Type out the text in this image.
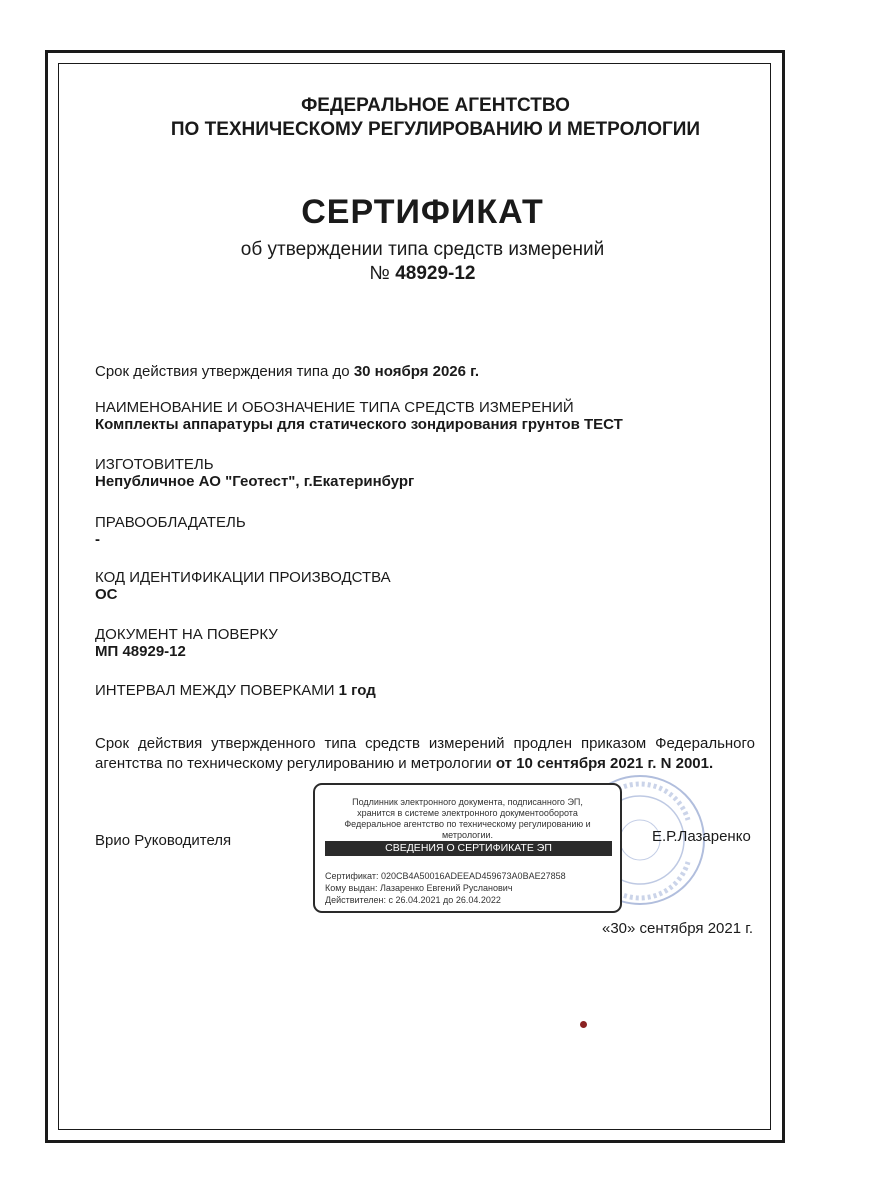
ФЕДЕРАЛЬНОЕ АГЕНТСТВО
ПО ТЕХНИЧЕСКОМУ РЕГУЛИРОВАНИЮ И МЕТРОЛОГИИ
СЕРТИФИКАТ
об утверждении типа средств измерений
№ 48929-12
Срок действия утверждения типа до 30 ноября 2026 г.
НАИМЕНОВАНИЕ И ОБОЗНАЧЕНИЕ ТИПА СРЕДСТВ ИЗМЕРЕНИЙ
Комплекты аппаратуры для статического зондирования грунтов ТЕСТ
ИЗГОТОВИТЕЛЬ
Непубличное АО "Геотест", г.Екатеринбург
ПРАВООБЛАДАТЕЛЬ
-
КОД ИДЕНТИФИКАЦИИ ПРОИЗВОДСТВА
ОС
ДОКУМЕНТ НА ПОВЕРКУ
МП 48929-12
ИНТЕРВАЛ МЕЖДУ ПОВЕРКАМИ 1 год
Срок действия утвержденного типа средств измерений продлен приказом Федерального агентства по техническому регулированию и метрологии от 10 сентября 2021 г. N 2001.
Врио Руководителя
Подлинник электронного документа, подписанного ЭП,
хранится в системе электронного документооборота
Федеральное агентство по техническому регулированию и
метрологии.
СВЕДЕНИЯ О СЕРТИФИКАТЕ ЭП
Сертификат: 020CB4A50016ADEEAD459673A0BAE27858
Кому выдан: Лазаренко Евгений Русланович
Действителен: с 26.04.2021 до 26.04.2022
Е.Р.Лазаренко
«30» сентября 2021 г.
